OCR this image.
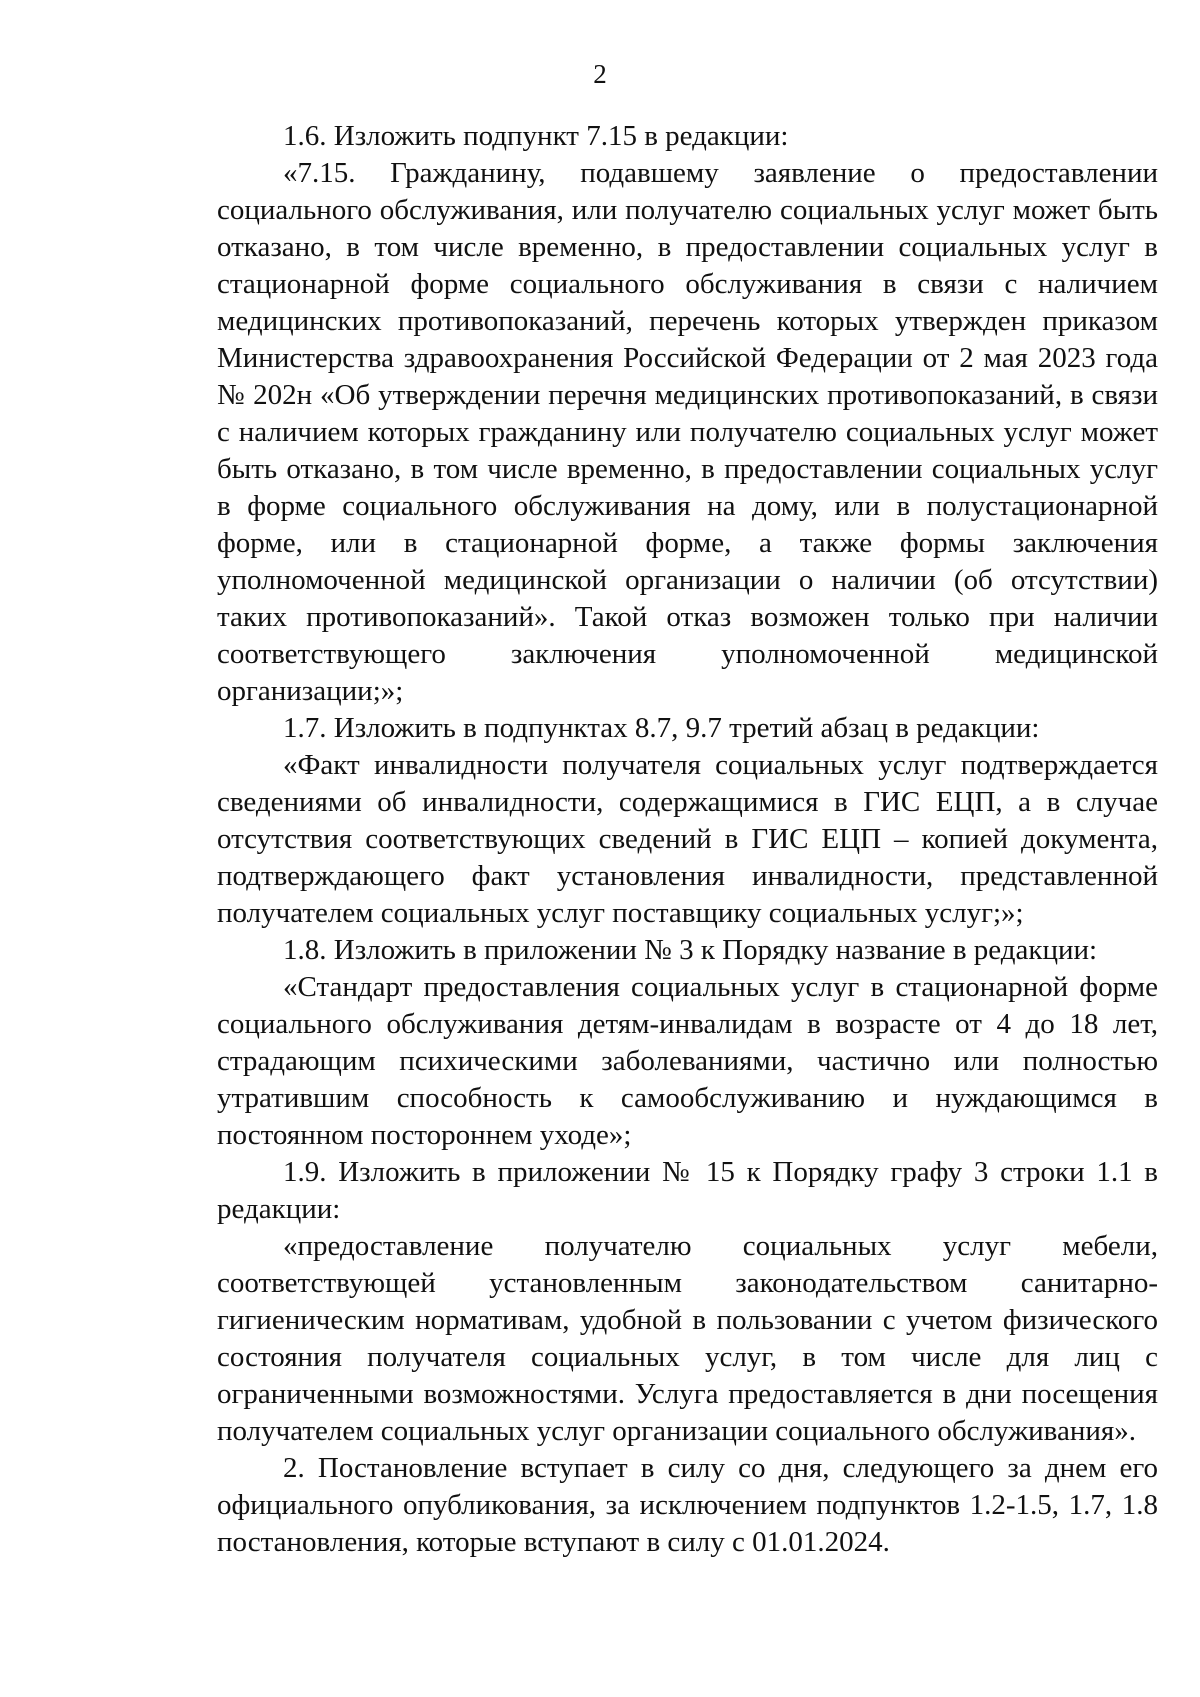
2

1.6. Изложить подпункт 7.15 в редакции:

«7.15. Гражданину, подавшему заявление о предоставлении социального обслуживания, или получателю социальных услуг может быть отказано, в том числе временно, в предоставлении социальных услуг в стационарной форме социального обслуживания в связи с наличием медицинских противопоказаний, перечень которых утвержден приказом Министерства здравоохранения Российской Федерации от 2 мая 2023 года № 202н «Об утверждении перечня медицинских противопоказаний, в связи с наличием которых гражданину или получателю социальных услуг может быть отказано, в том числе временно, в предоставлении социальных услуг в форме социального обслуживания на дому, или в полустационарной форме, или в стационарной форме, а также формы заключения уполномоченной медицинской организации о наличии (об отсутствии) таких противопоказаний». Такой отказ возможен только при наличии соответствующего заключения уполномоченной медицинской организации;»;

1.7. Изложить в подпунктах 8.7, 9.7 третий абзац в редакции:

«Факт инвалидности получателя социальных услуг подтверждается сведениями об инвалидности, содержащимися в ГИС ЕЦП, а в случае отсутствия соответствующих сведений в ГИС ЕЦП – копией документа, подтверждающего факт установления инвалидности, представленной получателем социальных услуг поставщику социальных услуг;»;

1.8. Изложить в приложении № 3 к Порядку название в редакции:

«Стандарт предоставления социальных услуг в стационарной форме социального обслуживания детям-инвалидам в возрасте от 4 до 18 лет, страдающим психическими заболеваниями, частично или полностью утратившим способность к самообслуживанию и нуждающимся в постоянном постороннем уходе»;

1.9. Изложить в приложении № 15 к Порядку графу 3 строки 1.1 в редакции:

«предоставление получателю социальных услуг мебели, соответствующей установленным законодательством санитарно-гигиеническим нормативам, удобной в пользовании с учетом физического состояния получателя социальных услуг, в том числе для лиц с ограниченными возможностями. Услуга предоставляется в дни посещения получателем социальных услуг организации социального обслуживания».

2. Постановление вступает в силу со дня, следующего за днем его официального опубликования, за исключением подпунктов 1.2-1.5, 1.7, 1.8 постановления, которые вступают в силу с 01.01.2024.
